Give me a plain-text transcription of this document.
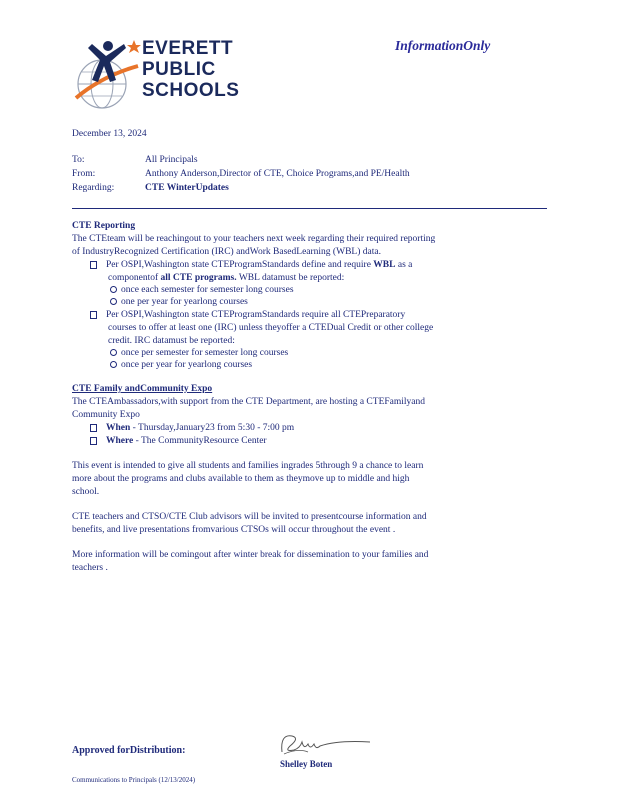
EVERETT
PUBLIC
SCHOOLS
InformationOnly
December 13, 2024
To:	All Principals
From:	Anthony Anderson,Director of CTE, Choice Programs,and PE/Health
Regarding:	CTE WinterUpdates
CTE Reporting
The CTEteam will be reachingout to your teachers next week regarding their required reporting
of IndustryRecognized Certification (IRC) andWork BasedLearning (WBL) data.
Per OSPI,Washington state CTEProgramStandards define and require WBL as a
componentof all CTE programs. WBL datamust be reported:
once each semester for semester long courses
one per year for yearlong courses
Per OSPI,Washington state CTEProgramStandards require all CTEPreparatory
courses to offer at least one (IRC) unless theyoffer a CTEDual Credit or other college
credit. IRC datamust be reported:
once per semester for semester long courses
once per year for yearlong courses
CTE Family andCommunity Expo
The CTEAmbassadors,with support from the CTE Department, are hosting a CTEFamilyand
Community Expo
When - Thursday,January23 from 5:30 - 7:00 pm
Where - The CommunityResource Center
This event is intended to give all students and families ingrades 5through 9 a chance to learn
more about the programs and clubs available to them as theymove up to middle and high
school.
CTE teachers and CTSO/CTE Club advisors will be invited to presentcourse information and
benefits, and live presentations fromvarious CTSOs will occur throughout the event .
More information will be comingout after winter break for dissemination to your families and
teachers .
Approved forDistribution:
Shelley Boten
Communications to Principals (12/13/2024)
